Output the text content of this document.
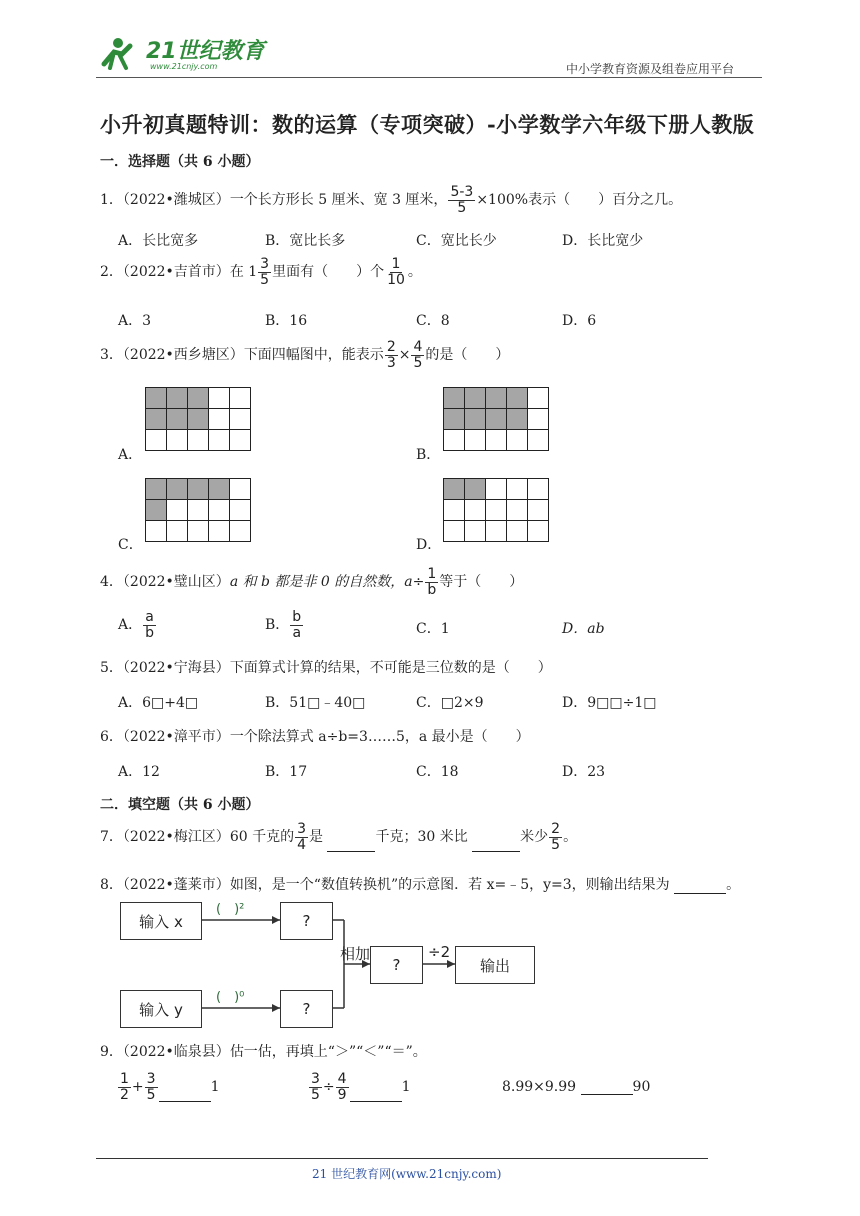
21世纪教育
www.21cnjy.com	中小学教育资源及组卷应用平台
小升初真题特训：数的运算（专项突破）-小学数学六年级下册人教版
一．选择题（共 6 小题）
1．（2022•潍城区）一个长方形长 5 厘米、宽 3 厘米， $\frac{5-3}{5} \times 100\%$表示（　　）百分之几。
A．长比宽多	B．宽比长多	C．宽比长少	D．长比宽少
2．（2022•吉首市）在 $1 \frac{3}{5}$ 里面有（　　）个 $\frac{1}{10}$ 。
A．3	B．16	C．8	D．6
3．（2022•西乡塘区）下面四幅图中，能表示 $\frac{2}{3} \times \frac{4}{5}$ 的是（　　）
A．

					B．

C．

					D．

4．（2022•璧山区）a 和 b 都是非 0 的自然数，$a\div \frac{1}{b}$ 等于（　　）
A． $\frac{a}{b}$	B． $\frac{b}{a}$	C．1	D．ab
5．（2022•宁海县）下面算式计算的结果，不可能是三位数的是（　　）
A．6□+4□	B．51□﹣40□	C．□2×9	D．9□□÷1□
6．（2022•漳平市）一个除法算式 a÷b=3……5，a 最小是（　　）
A．12	B．17	C．18	D．23
二．填空题（共 6 小题）
7．（2022•梅江区）60 千克的 $\frac{3}{4}$ 是	千克；30 米比	米少 $\frac{2}{5}$ 。
8．（2022•蓬莱市）如图，是一个“数值转换机”的示意图．若 x=﹣5，y=3，则输出结果为	。
输入 x
输入 y
?
?
?	输出
(　)²
(　)⁰
相加	÷2
9．（2022•临泉县）估一估，再填上“＞”“＜”“＝”。
$\frac{1}{2} + \frac{3}{5}$	1	$\frac{3}{5} \div \frac{4}{9}$	1	8.99×9.99	90
21 世纪教育网(www.21cnjy.com)
